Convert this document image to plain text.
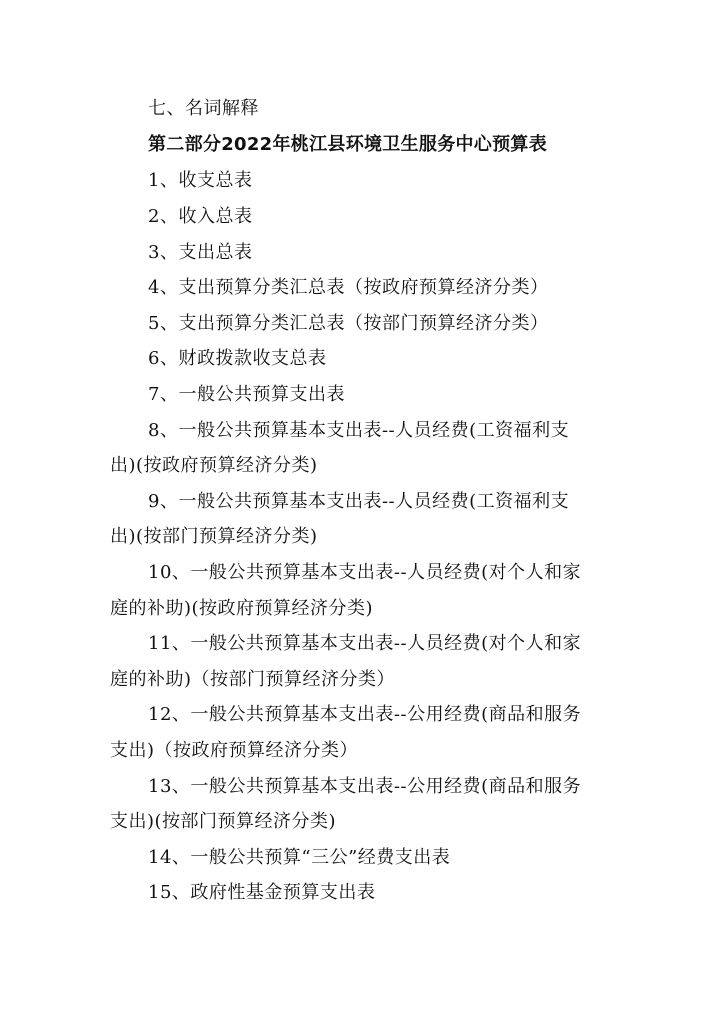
七、名词解释
第二部分2022年桃江县环境卫生服务中心预算表
1、收支总表
2、收入总表
3、支出总表
4、支出预算分类汇总表（按政府预算经济分类）
5、支出预算分类汇总表（按部门预算经济分类）
6、财政拨款收支总表
7、一般公共预算支出表
8、一般公共预算基本支出表--人员经费(工资福利支
出)(按政府预算经济分类)
9、一般公共预算基本支出表--人员经费(工资福利支
出)(按部门预算经济分类)
10、一般公共预算基本支出表--人员经费(对个人和家
庭的补助)(按政府预算经济分类)
11、一般公共预算基本支出表--人员经费(对个人和家
庭的补助)（按部门预算经济分类）
12、一般公共预算基本支出表--公用经费(商品和服务
支出)（按政府预算经济分类）
13、一般公共预算基本支出表--公用经费(商品和服务
支出)(按部门预算经济分类)
14、一般公共预算“三公”经费支出表
15、政府性基金预算支出表
